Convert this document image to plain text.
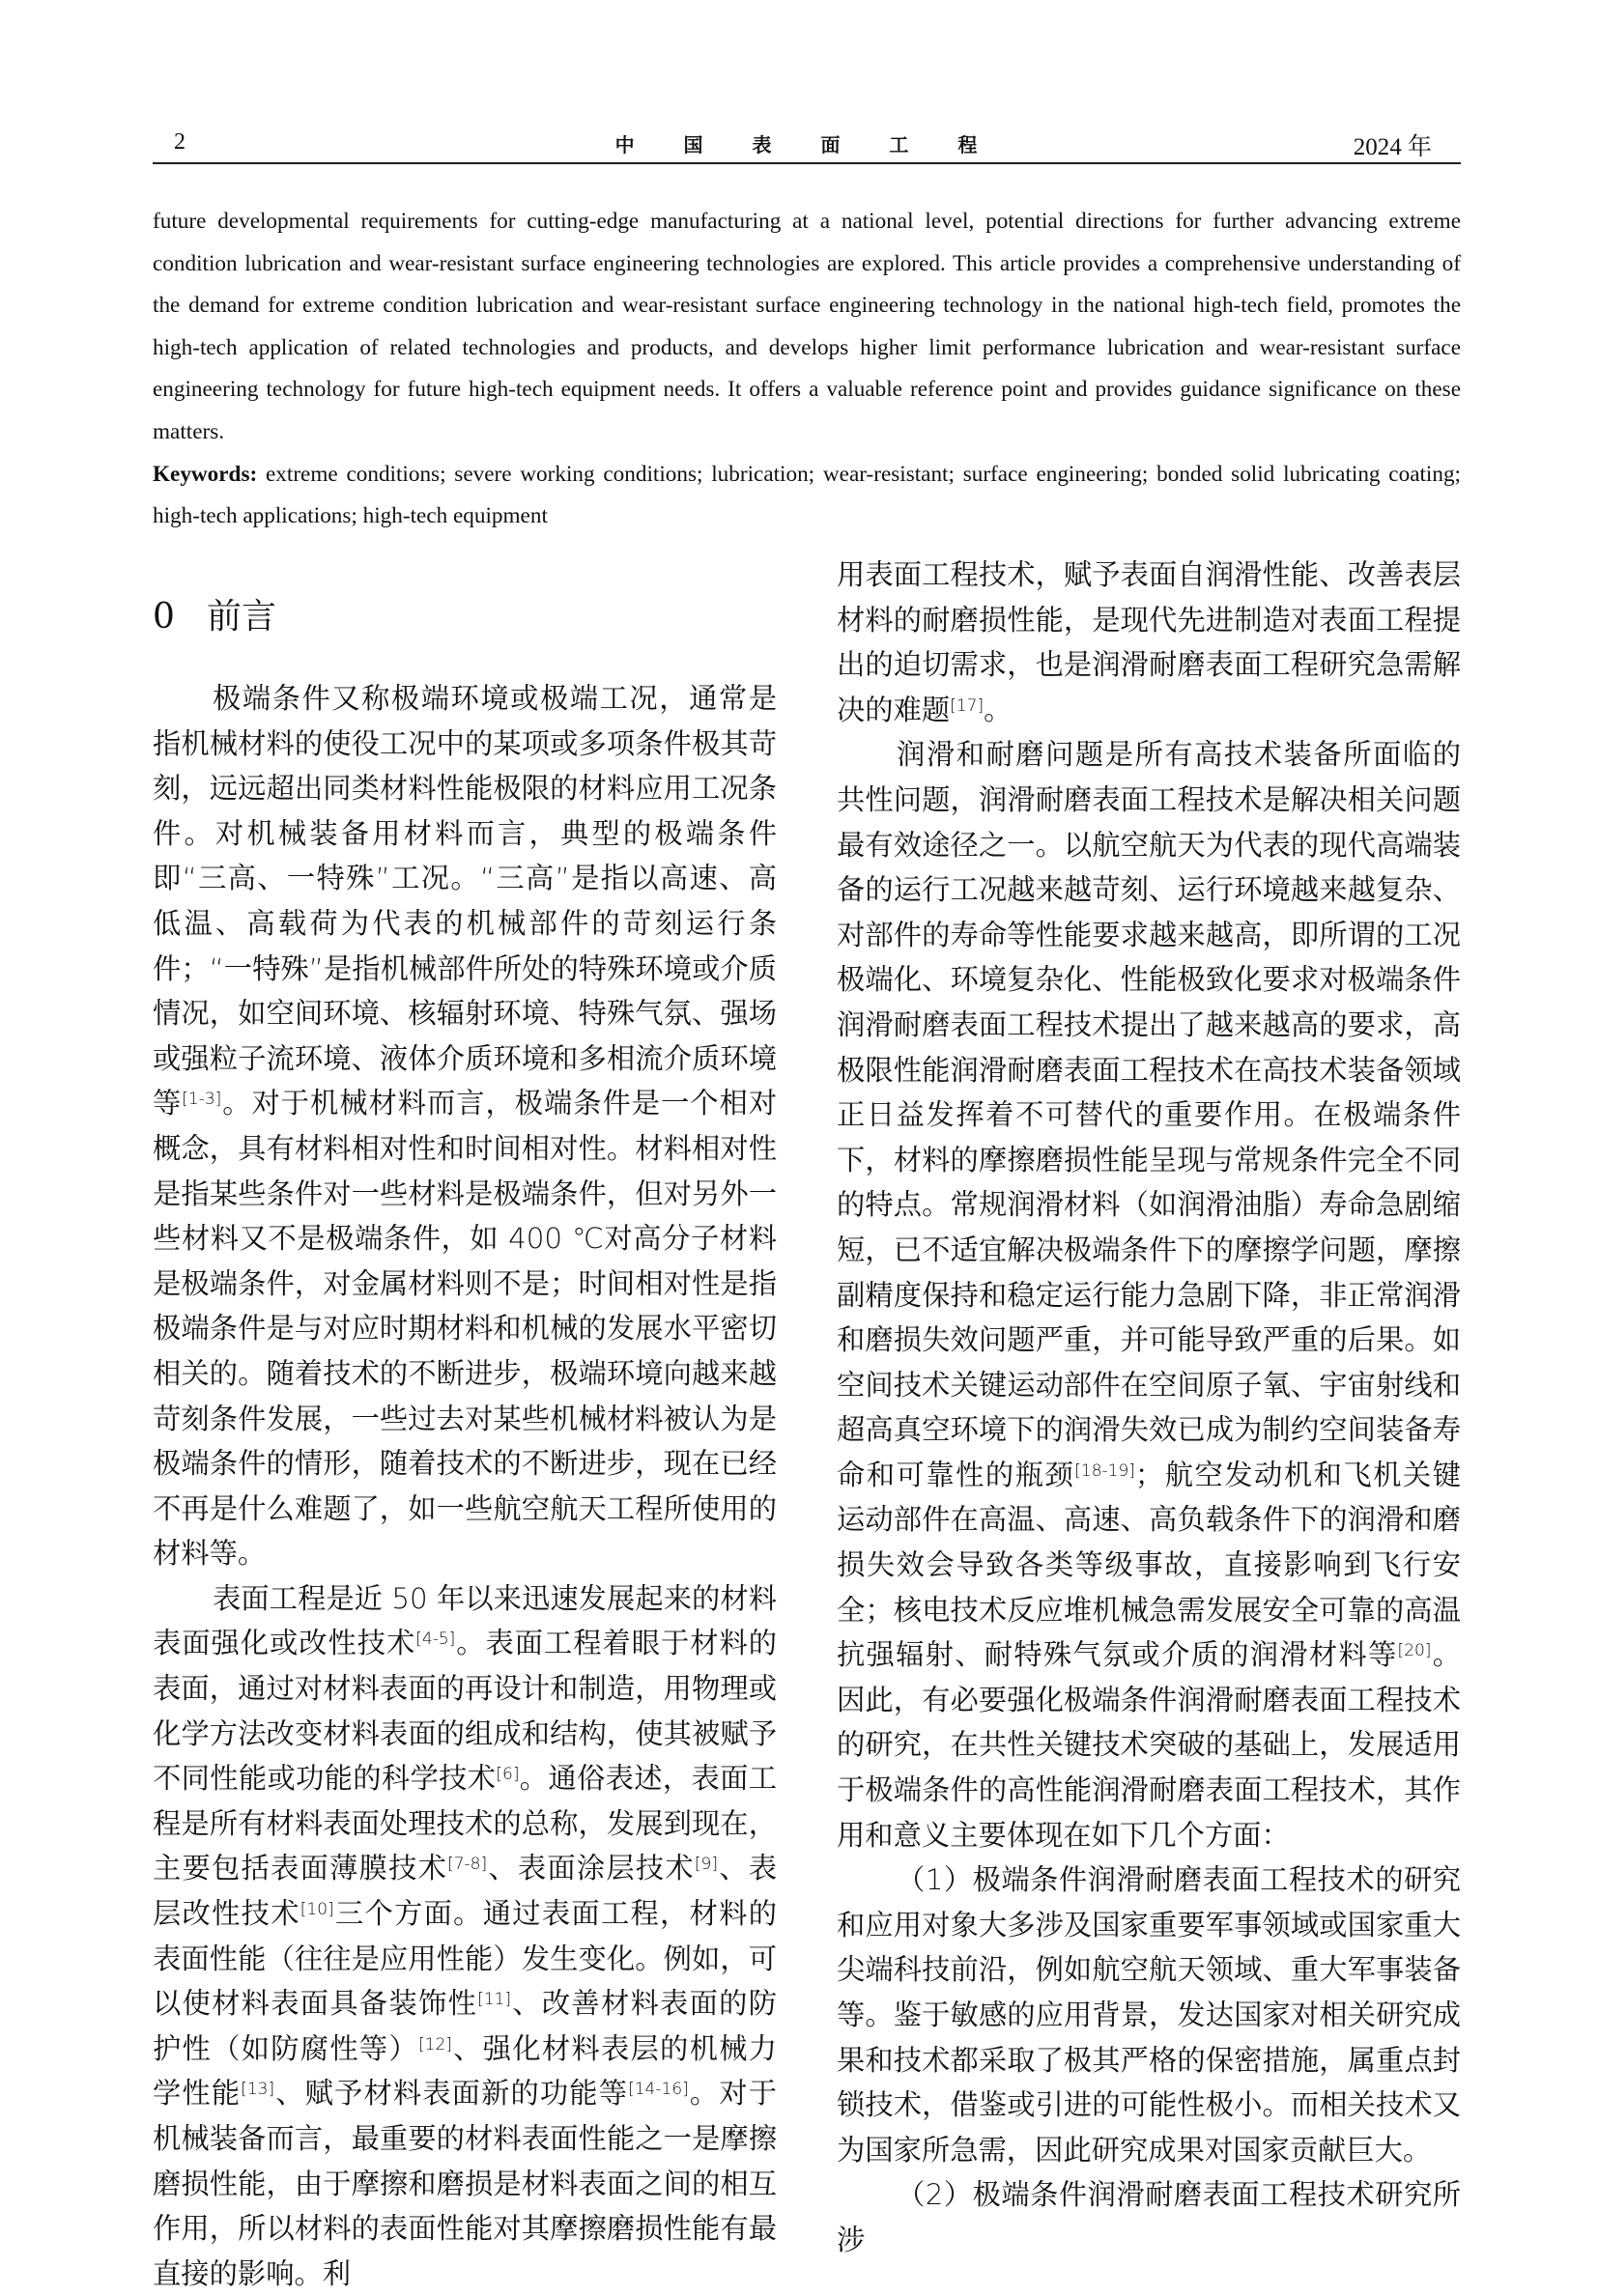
2	中 国 表 面 工 程	2024 年

future developmental requirements for cutting-edge manufacturing at a national level, potential directions for further advancing extreme condition lubrication and wear-resistant surface engineering technologies are explored. This article provides a comprehensive understanding of the demand for extreme condition lubrication and wear-resistant surface engineering technology in the national high-tech field, promotes the high-tech application of related technologies and products, and develops higher limit performance lubrication and wear-resistant surface engineering technology for future high-tech equipment needs. It offers a valuable reference point and provides guidance significance on these matters.

Keywords: extreme conditions; severe working conditions; lubrication; wear-resistant; surface engineering; bonded solid lubricating coating; high-tech applications; high-tech equipment

0 前言

极端条件又称极端环境或极端工况，通常是指机械材料的使役工况中的某项或多项条件极其苛刻，远远超出同类材料性能极限的材料应用工况条件。对机械装备用材料而言，典型的极端条件即“三高、一特殊”工况。“三高”是指以高速、高低温、高载荷为代表的机械部件的苛刻运行条件；“一特殊”是指机械部件所处的特殊环境或介质情况，如空间环境、核辐射环境、特殊气氛、强场或强粒子流环境、液体介质环境和多相流介质环境等[1-3]。对于机械材料而言，极端条件是一个相对概念，具有材料相对性和时间相对性。材料相对性是指某些条件对一些材料是极端条件，但对另外一些材料又不是极端条件，如 400 ℃对高分子材料是极端条件，对金属材料则不是；时间相对性是指极端条件是与对应时期材料和机械的发展水平密切相关的。随着技术的不断进步，极端环境向越来越苛刻条件发展，一些过去对某些机械材料被认为是极端条件的情形，随着技术的不断进步，现在已经不再是什么难题了，如一些航空航天工程所使用的材料等。

表面工程是近 50 年以来迅速发展起来的材料表面强化或改性技术[4-5]。表面工程着眼于材料的表面，通过对材料表面的再设计和制造，用物理或化学方法改变材料表面的组成和结构，使其被赋予不同性能或功能的科学技术[6]。通俗表述，表面工程是所有材料表面处理技术的总称，发展到现在，主要包括表面薄膜技术[7-8]、表面涂层技术[9]、表层改性技术[10]三个方面。通过表面工程，材料的表面性能（往往是应用性能）发生变化。例如，可以使材料表面具备装饰性[11]、改善材料表面的防护性（如防腐性等）[12]、强化材料表层的机械力学性能[13]、赋予材料表面新的功能等[14-16]。对于机械装备而言，最重要的材料表面性能之一是摩擦磨损性能，由于摩擦和磨损是材料表面之间的相互作用，所以材料的表面性能对其摩擦磨损性能有最直接的影响。利

用表面工程技术，赋予表面自润滑性能、改善表层材料的耐磨损性能，是现代先进制造对表面工程提出的迫切需求，也是润滑耐磨表面工程研究急需解决的难题[17]。

润滑和耐磨问题是所有高技术装备所面临的共性问题，润滑耐磨表面工程技术是解决相关问题最有效途径之一。以航空航天为代表的现代高端装备的运行工况越来越苛刻、运行环境越来越复杂、对部件的寿命等性能要求越来越高，即所谓的工况极端化、环境复杂化、性能极致化要求对极端条件润滑耐磨表面工程技术提出了越来越高的要求，高极限性能润滑耐磨表面工程技术在高技术装备领域正日益发挥着不可替代的重要作用。在极端条件下，材料的摩擦磨损性能呈现与常规条件完全不同的特点。常规润滑材料（如润滑油脂）寿命急剧缩短，已不适宜解决极端条件下的摩擦学问题，摩擦副精度保持和稳定运行能力急剧下降，非正常润滑和磨损失效问题严重，并可能导致严重的后果。如空间技术关键运动部件在空间原子氧、宇宙射线和超高真空环境下的润滑失效已成为制约空间装备寿命和可靠性的瓶颈[18-19]；航空发动机和飞机关键运动部件在高温、高速、高负载条件下的润滑和磨损失效会导致各类等级事故，直接影响到飞行安全；核电技术反应堆机械急需发展安全可靠的高温抗强辐射、耐特殊气氛或介质的润滑材料等[20]。因此，有必要强化极端条件润滑耐磨表面工程技术的研究，在共性关键技术突破的基础上，发展适用于极端条件的高性能润滑耐磨表面工程技术，其作用和意义主要体现在如下几个方面：

（1）极端条件润滑耐磨表面工程技术的研究和应用对象大多涉及国家重要军事领域或国家重大尖端科技前沿，例如航空航天领域、重大军事装备等。鉴于敏感的应用背景，发达国家对相关研究成果和技术都采取了极其严格的保密措施，属重点封锁技术，借鉴或引进的可能性极小。而相关技术又为国家所急需，因此研究成果对国家贡献巨大。

（2）极端条件润滑耐磨表面工程技术研究所涉
